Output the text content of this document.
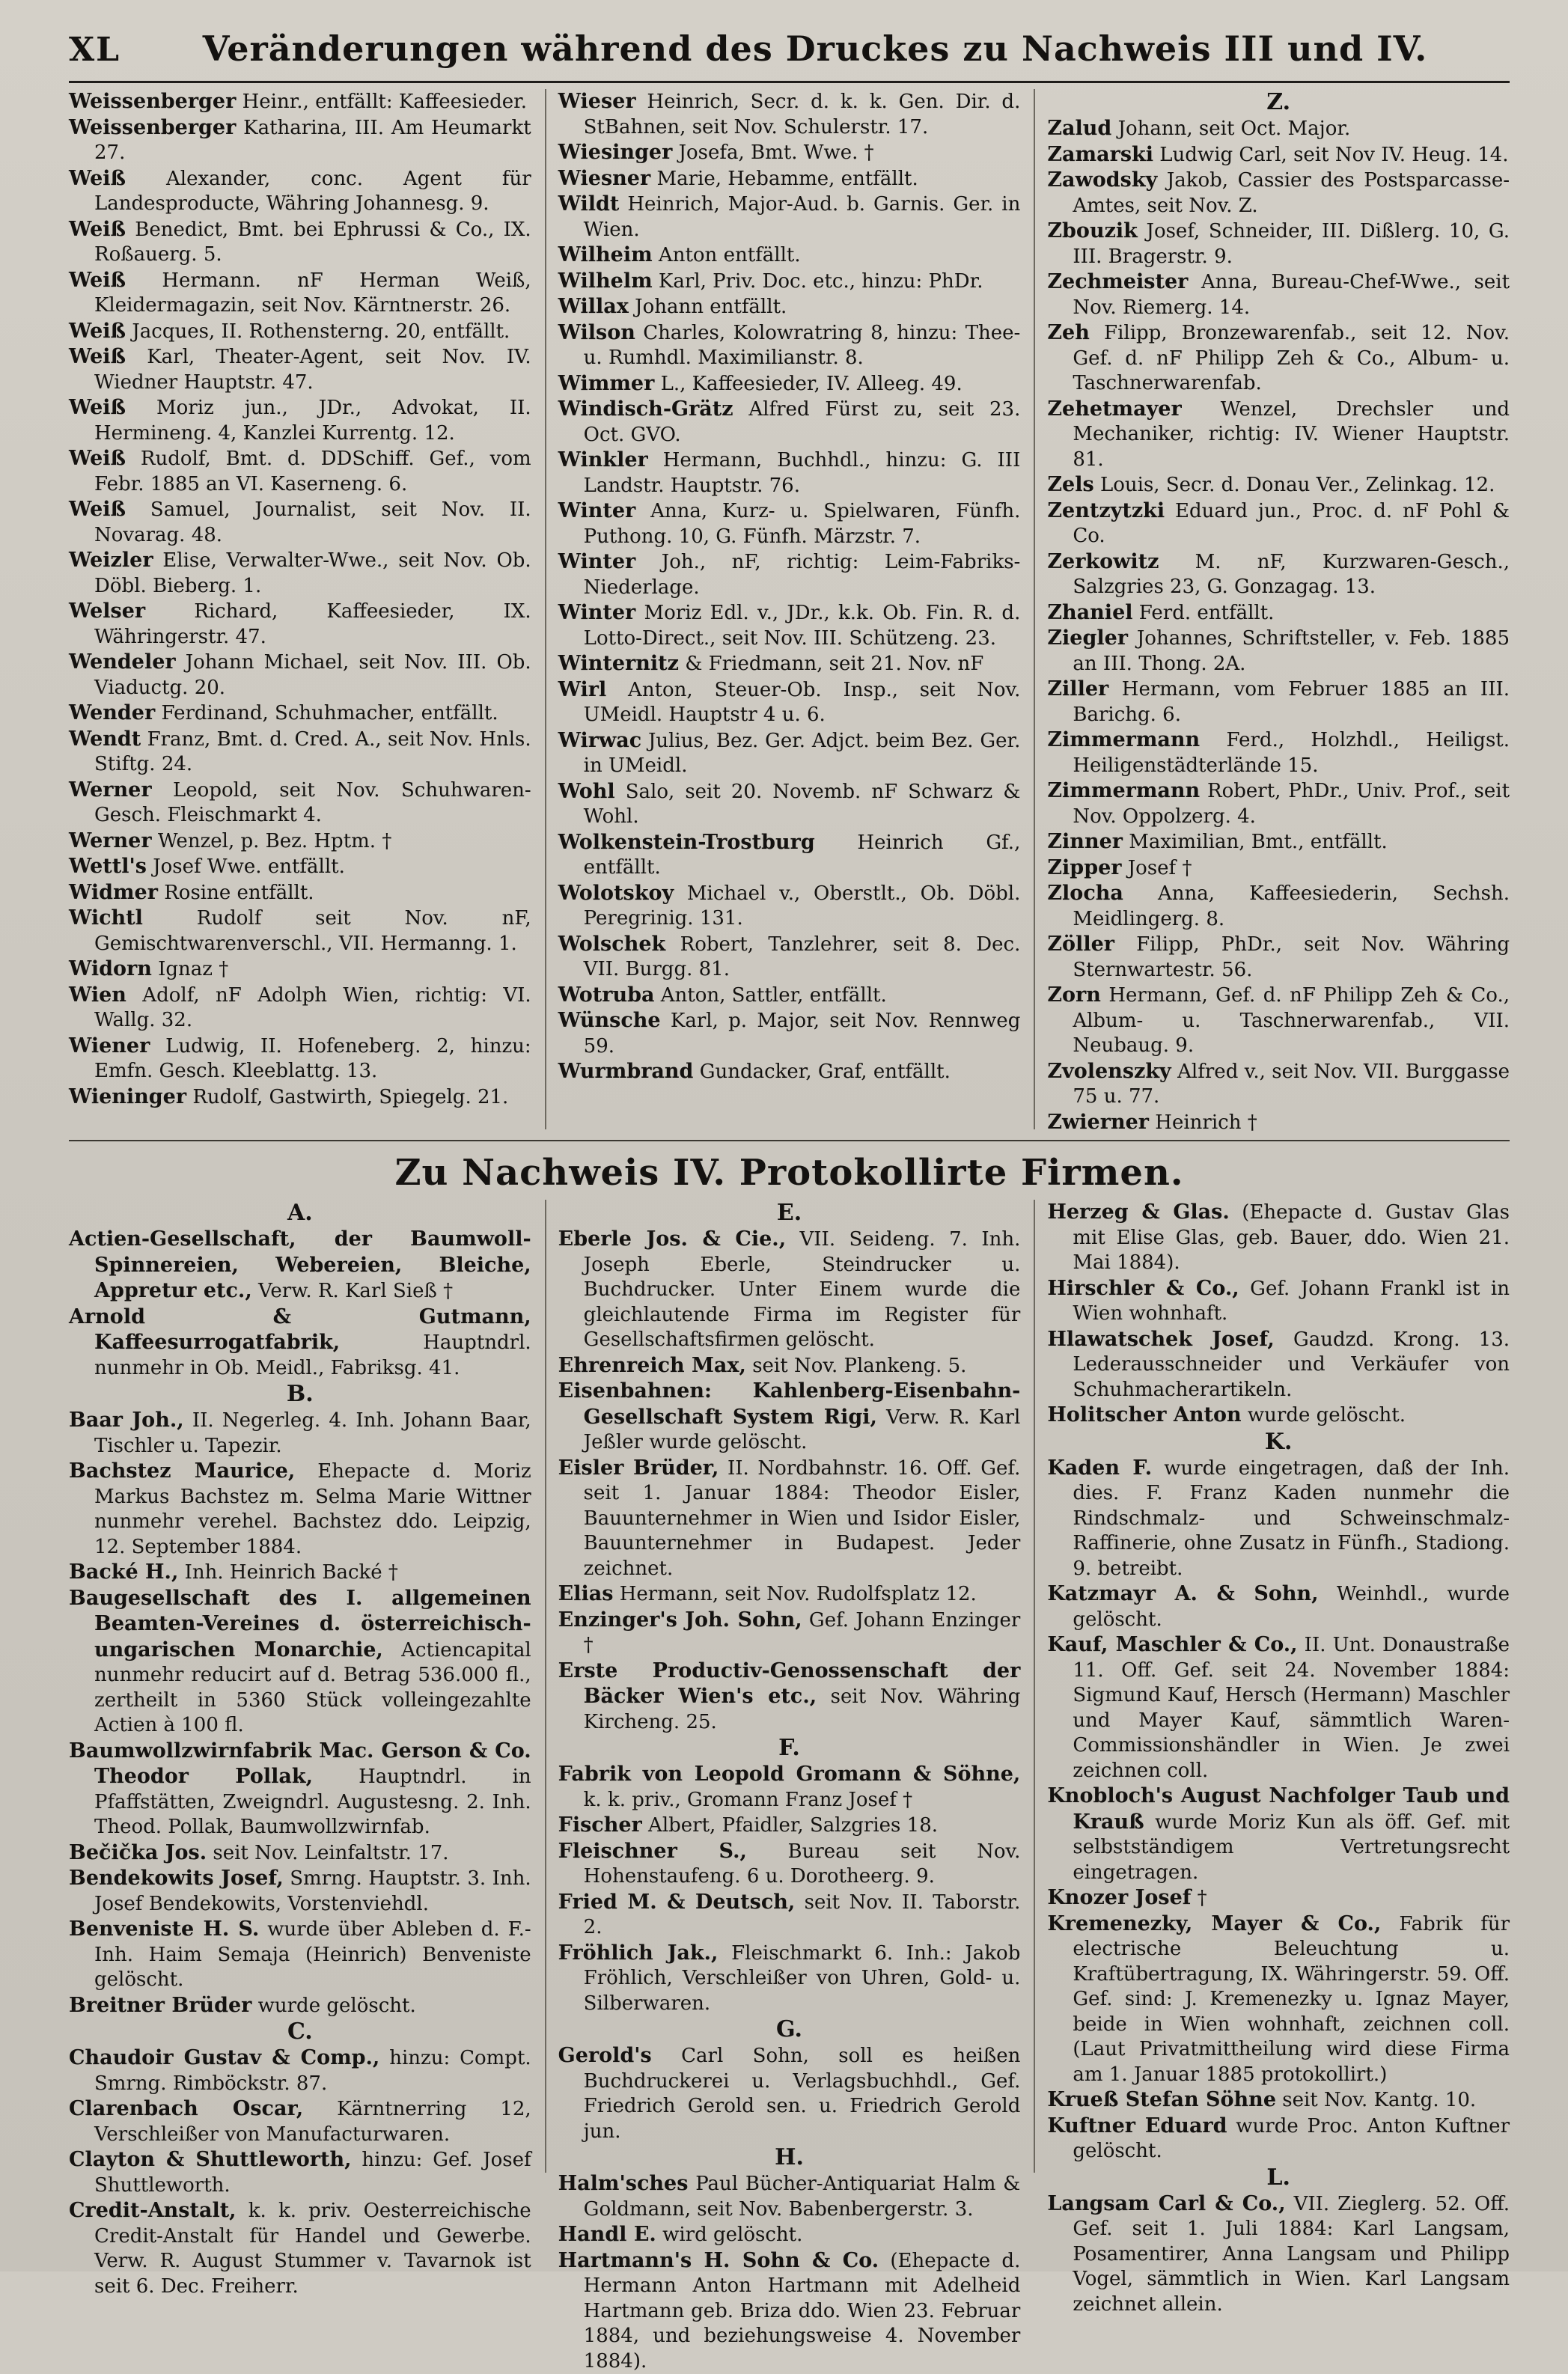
XL	Veränderungen während des Druckes zu Nachweis III und IV.
Weissenberger Heinr., entfällt: Kaffeesieder.
Weissenberger Katharina, III. Am Heumarkt 27.
Weiß Alexander, conc. Agent für Landesproducte, Währing Johannesg. 9.
Weiß Benedict, Bmt. bei Ephrussi & Co., IX. Roßauerg. 5.
Weiß Hermann. nF Herman Weiß, Kleidermagazin, seit Nov. Kärntnerstr. 26.
Weiß Jacques, II. Rothensterng. 20, entfällt.
Weiß Karl, Theater-Agent, seit Nov. IV. Wiedner Hauptstr. 47.
Weiß Moriz jun., JDr., Advokat, II. Hermineng. 4, Kanzlei Kurrentg. 12.
Weiß Rudolf, Bmt. d. DDSchiff. Gef., vom Febr. 1885 an VI. Kaserneng. 6.
Weiß Samuel, Journalist, seit Nov. II. Novarag. 48.
Weizler Elise, Verwalter-Wwe., seit Nov. Ob. Döbl. Bieberg. 1.
Welser Richard, Kaffeesieder, IX. Währingerstr. 47.
Wendeler Johann Michael, seit Nov. III. Ob. Viaductg. 20.
Wender Ferdinand, Schuhmacher, entfällt.
Wendt Franz, Bmt. d. Cred. A., seit Nov. Hnls. Stiftg. 24.
Werner Leopold, seit Nov. Schuhwaren-Gesch. Fleischmarkt 4.
Werner Wenzel, p. Bez. Hptm. †
Wettl's Josef Wwe. entfällt.
Widmer Rosine entfällt.
Wichtl Rudolf seit Nov. nF, Gemischtwarenverschl., VII. Hermanng. 1.
Widorn Ignaz †
Wien Adolf, nF Adolph Wien, richtig: VI. Wallg. 32.
Wiener Ludwig, II. Hofeneberg. 2, hinzu: Emfn. Gesch. Kleeblattg. 13.
Wieninger Rudolf, Gastwirth, Spiegelg. 21.
Wieser Heinrich, Secr. d. k. k. Gen. Dir. d. StBahnen, seit Nov. Schulerstr. 17.
Wiesinger Josefa, Bmt. Wwe. †
Wiesner Marie, Hebamme, entfällt.
Wildt Heinrich, Major-Aud. b. Garnis. Ger. in Wien.
Wilheim Anton entfällt.
Wilhelm Karl, Priv. Doc. etc., hinzu: PhDr.
Willax Johann entfällt.
Wilson Charles, Kolowratring 8, hinzu: Thee- u. Rumhdl. Maximilianstr. 8.
Wimmer L., Kaffeesieder, IV. Alleeg. 49.
Windisch-Grätz Alfred Fürst zu, seit 23. Oct. GVO.
Winkler Hermann, Buchhdl., hinzu: G. III Landstr. Hauptstr. 76.
Winter Anna, Kurz- u. Spielwaren, Fünfh. Puthong. 10, G. Fünfh. Märzstr. 7.
Winter Joh., nF, richtig: Leim-Fabriks-Niederlage.
Winter Moriz Edl. v., JDr., k.k. Ob. Fin. R. d. Lotto-Direct., seit Nov. III. Schützeng. 23.
Winternitz & Friedmann, seit 21. Nov. nF
Wirl Anton, Steuer-Ob. Insp., seit Nov. UMeidl. Hauptstr 4 u. 6.
Wirwac Julius, Bez. Ger. Adjct. beim Bez. Ger. in UMeidl.
Wohl Salo, seit 20. Novemb. nF Schwarz & Wohl.
Wolkenstein-Trostburg Heinrich Gf., entfällt.
Wolotskoy Michael v., Oberstlt., Ob. Döbl. Peregrinig. 131.
Wolschek Robert, Tanzlehrer, seit 8. Dec. VII. Burgg. 81.
Wotruba Anton, Sattler, entfällt.
Wünsche Karl, p. Major, seit Nov. Rennweg 59.
Wurmbrand Gundacker, Graf, entfällt.
Z.
Zalud Johann, seit Oct. Major.
Zamarski Ludwig Carl, seit Nov IV. Heug. 14.
Zawodsky Jakob, Cassier des Postsparcasse-Amtes, seit Nov. Z.
Zbouzik Josef, Schneider, III. Dißlerg. 10, G. III. Bragerstr. 9.
Zechmeister Anna, Bureau-Chef-Wwe., seit Nov. Riemerg. 14.
Zeh Filipp, Bronzewarenfab., seit 12. Nov. Gef. d. nF Philipp Zeh & Co., Album- u. Taschnerwarenfab.
Zehetmayer Wenzel, Drechsler und Mechaniker, richtig: IV. Wiener Hauptstr. 81.
Zels Louis, Secr. d. Donau Ver., Zelinkag. 12.
Zentzytzki Eduard jun., Proc. d. nF Pohl & Co.
Zerkowitz M. nF, Kurzwaren-Gesch., Salzgries 23, G. Gonzagag. 13.
Zhaniel Ferd. entfällt.
Ziegler Johannes, Schriftsteller, v. Feb. 1885 an III. Thong. 2A.
Ziller Hermann, vom Februer 1885 an III. Barichg. 6.
Zimmermann Ferd., Holzhdl., Heiligst. Heiligenstädterlände 15.
Zimmermann Robert, PhDr., Univ. Prof., seit Nov. Oppolzerg. 4.
Zinner Maximilian, Bmt., entfällt.
Zipper Josef †
Zlocha Anna, Kaffeesiederin, Sechsh. Meidlingerg. 8.
Zöller Filipp, PhDr., seit Nov. Währing Sternwartestr. 56.
Zorn Hermann, Gef. d. nF Philipp Zeh & Co., Album- u. Taschnerwarenfab., VII. Neubaug. 9.
Zvolenszky Alfred v., seit Nov. VII. Burggasse 75 u. 77.
Zwierner Heinrich †
Zu Nachweis IV. Protokollirte Firmen.
A.
Actien-Gesellschaft, der Baumwoll-Spinnereien, Webereien, Bleiche, Appretur etc., Verw. R. Karl Sieß †
Arnold & Gutmann, Kaffeesurrogatfabrik, Hauptndrl. nunmehr in Ob. Meidl., Fabriksg. 41.
B.
Baar Joh., II. Negerleg. 4. Inh. Johann Baar, Tischler u. Tapezir.
Bachstez Maurice, Ehepacte d. Moriz Markus Bachstez m. Selma Marie Wittner nunmehr verehel. Bachstez ddo. Leipzig, 12. September 1884.
Backé H., Inh. Heinrich Backé †
Baugesellschaft des I. allgemeinen Beamten-Vereines d. österreichisch-ungarischen Monarchie, Actiencapital nunmehr reducirt auf d. Betrag 536.000 fl., zertheilt in 5360 Stück volleingezahlte Actien à 100 fl.
Baumwollzwirnfabrik Mac. Gerson & Co. Theodor Pollak, Hauptndrl. in Pfaffstätten, Zweigndrl. Augustesng. 2. Inh. Theod. Pollak, Baumwollzwirnfab.
Bečička Jos. seit Nov. Leinfaltstr. 17.
Bendekowits Josef, Smrng. Hauptstr. 3. Inh. Josef Bendekowits, Vorstenviehdl.
Benveniste H. S. wurde über Ableben d. F.-Inh. Haim Semaja (Heinrich) Benveniste gelöscht.
Breitner Brüder wurde gelöscht.
C.
Chaudoir Gustav & Comp., hinzu: Compt. Smrng. Rimböckstr. 87.
Clarenbach Oscar, Kärntnerring 12, Verschleißer von Manufacturwaren.
Clayton & Shuttleworth, hinzu: Gef. Josef Shuttleworth.
Credit-Anstalt, k. k. priv. Oesterreichische Credit-Anstalt für Handel und Gewerbe. Verw. R. August Stummer v. Tavarnok ist seit 6. Dec. Freiherr.
E.
Eberle Jos. & Cie., VII. Seideng. 7. Inh. Joseph Eberle, Steindrucker u. Buchdrucker. Unter Einem wurde die gleichlautende Firma im Register für Gesellschaftsfirmen gelöscht.
Ehrenreich Max, seit Nov. Plankeng. 5.
Eisenbahnen: Kahlenberg-Eisenbahn-Gesellschaft System Rigi, Verw. R. Karl Jeßler wurde gelöscht.
Eisler Brüder, II. Nordbahnstr. 16. Off. Gef. seit 1. Januar 1884: Theodor Eisler, Bauunternehmer in Wien und Isidor Eisler, Bauunternehmer in Budapest. Jeder zeichnet.
Elias Hermann, seit Nov. Rudolfsplatz 12.
Enzinger's Joh. Sohn, Gef. Johann Enzinger †
Erste Productiv-Genossenschaft der Bäcker Wien's etc., seit Nov. Währing Kircheng. 25.
F.
Fabrik von Leopold Gromann & Söhne, k. k. priv., Gromann Franz Josef †
Fischer Albert, Pfaidler, Salzgries 18.
Fleischner S., Bureau seit Nov. Hohenstaufeng. 6 u. Dorotheerg. 9.
Fried M. & Deutsch, seit Nov. II. Taborstr. 2.
Fröhlich Jak., Fleischmarkt 6. Inh.: Jakob Fröhlich, Verschleißer von Uhren, Gold- u. Silberwaren.
G.
Gerold's Carl Sohn, soll es heißen Buchdruckerei u. Verlagsbuchhdl., Gef. Friedrich Gerold sen. u. Friedrich Gerold jun.
H.
Halm'sches Paul Bücher-Antiquariat Halm & Goldmann, seit Nov. Babenbergerstr. 3.
Handl E. wird gelöscht.
Hartmann's H. Sohn & Co. (Ehepacte d. Hermann Anton Hartmann mit Adelheid Hartmann geb. Briza ddo. Wien 23. Februar 1884, und beziehungsweise 4. November 1884).
Herzeg & Glas. (Ehepacte d. Gustav Glas mit Elise Glas, geb. Bauer, ddo. Wien 21. Mai 1884).
Hirschler & Co., Gef. Johann Frankl ist in Wien wohnhaft.
Hlawatschek Josef, Gaudzd. Krong. 13. Lederausschneider und Verkäufer von Schuhmacherartikeln.
Holitscher Anton wurde gelöscht.
K.
Kaden F. wurde eingetragen, daß der Inh. dies. F. Franz Kaden nunmehr die Rindschmalz- und Schweinschmalz-Raffinerie, ohne Zusatz in Fünfh., Stadiong. 9. betreibt.
Katzmayr A. & Sohn, Weinhdl., wurde gelöscht.
Kauf, Maschler & Co., II. Unt. Donaustraße 11. Off. Gef. seit 24. November 1884: Sigmund Kauf, Hersch (Hermann) Maschler und Mayer Kauf, sämmtlich Waren-Commissionshändler in Wien. Je zwei zeichnen coll.
Knobloch's August Nachfolger Taub und Krauß wurde Moriz Kun als öff. Gef. mit selbstständigem Vertretungsrecht eingetragen.
Knozer Josef †
Kremenezky, Mayer & Co., Fabrik für electrische Beleuchtung u. Kraftübertragung, IX. Währingerstr. 59. Off. Gef. sind: J. Kremenezky u. Ignaz Mayer, beide in Wien wohnhaft, zeichnen coll. (Laut Privatmittheilung wird diese Firma am 1. Januar 1885 protokollirt.)
Krueß Stefan Söhne seit Nov. Kantg. 10.
Kuftner Eduard wurde Proc. Anton Kuftner gelöscht.
L.
Langsam Carl & Co., VII. Zieglerg. 52. Off. Gef. seit 1. Juli 1884: Karl Langsam, Posamentirer, Anna Langsam und Philipp Vogel, sämmtlich in Wien. Karl Langsam zeichnet allein.
